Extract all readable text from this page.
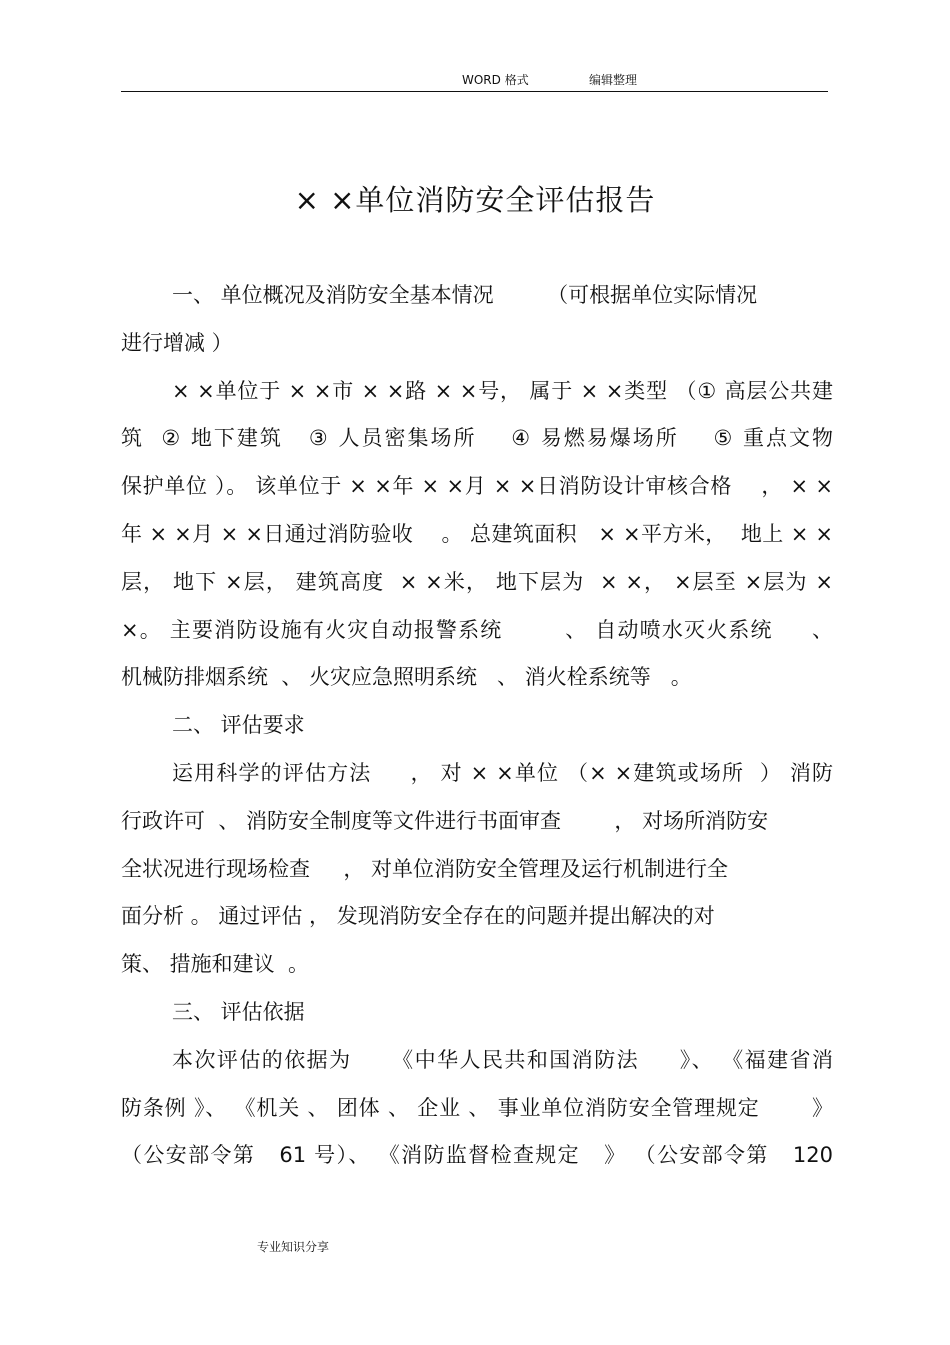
WORD 格式	编辑整理
× ×单位消防安全评估报告
一、 单位概况及消防安全基本情况        （可根据单位实际情况
进行增减 ）
× ×单位于 × ×市 × ×路 × ×号， 属于 × ×类型 （① 高层公共建
筑  ② 地下建筑   ③ 人员密集场所    ④ 易燃易爆场所    ⑤ 重点文物
保护单位 ）。 该单位于 × ×年 × ×月 × ×日消防设计审核合格    ， × ×
年 × ×月 × ×日通过消防验收    。 总建筑面积   × ×平方米，  地上 × ×
层， 地下 ×层， 建筑高度  × ×米， 地下层为  × ×， ×层至 ×层为 ×
×。 主要消防设施有火灾自动报警系统        、 自动喷水灭火系统     、
机械防排烟系统  、 火灾应急照明系统   、 消火栓系统等   。
二、 评估要求
运用科学的评估方法     ， 对 × ×单位 （× ×建筑或场所  ） 消防
行政许可  、 消防安全制度等文件进行书面审查        ， 对场所消防安
全状况进行现场检查     ， 对单位消防安全管理及运行机制进行全
面分析 。 通过评估 ， 发现消防安全存在的问题并提出解决的对
策、 措施和建议  。
三、 评估依据
本次评估的依据为     《中华人民共和国消防法     》、 《福建省消
防条例 》、 《机关 、 团体 、 企业 、 事业单位消防安全管理规定       》
（公安部令第   61 号）、 《消防监督检查规定   》 （公安部令第   120
专业知识分享
